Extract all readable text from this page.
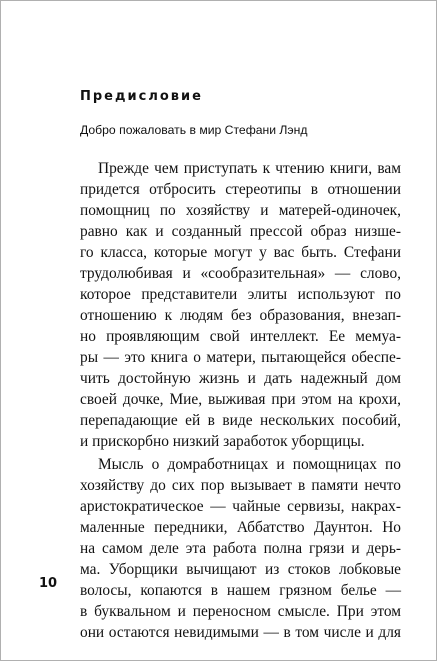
Предисловие

Добро пожаловать в мир Стефани Лэнд

Прежде чем приступать к чтению книги, вам

придется отбросить стереотипы в отношении

помощниц по хозяйству и матерей-одиночек,

равно как и созданный прессой образ низше-

го класса, которые могут у вас быть. Стефани

трудолюбивая и «сообразительная» — слово,

которое представители элиты используют по

отношению к людям без образования, внезап-

но проявляющим свой интеллект. Ее мемуа-

ры — это книга о матери, пытающейся обеспе-

чить достойную жизнь и дать надежный дом

своей дочке, Мие, выживая при этом на крохи,

перепадающие ей в виде нескольких пособий,

и прискорбно низкий заработок уборщицы.

Мысль о домработницах и помощницах по

хозяйству до сих пор вызывает в памяти нечто

аристократическое — чайные сервизы, накрах-

маленные передники, Аббатство Даунтон. Но

на самом деле эта работа полна грязи и дерь-

ма. Уборщики вычищают из стоков лобковые

волосы, копаются в нашем грязном белье —

в буквальном и переносном смысле. При этом

они остаются невидимыми — в том числе и для

10
